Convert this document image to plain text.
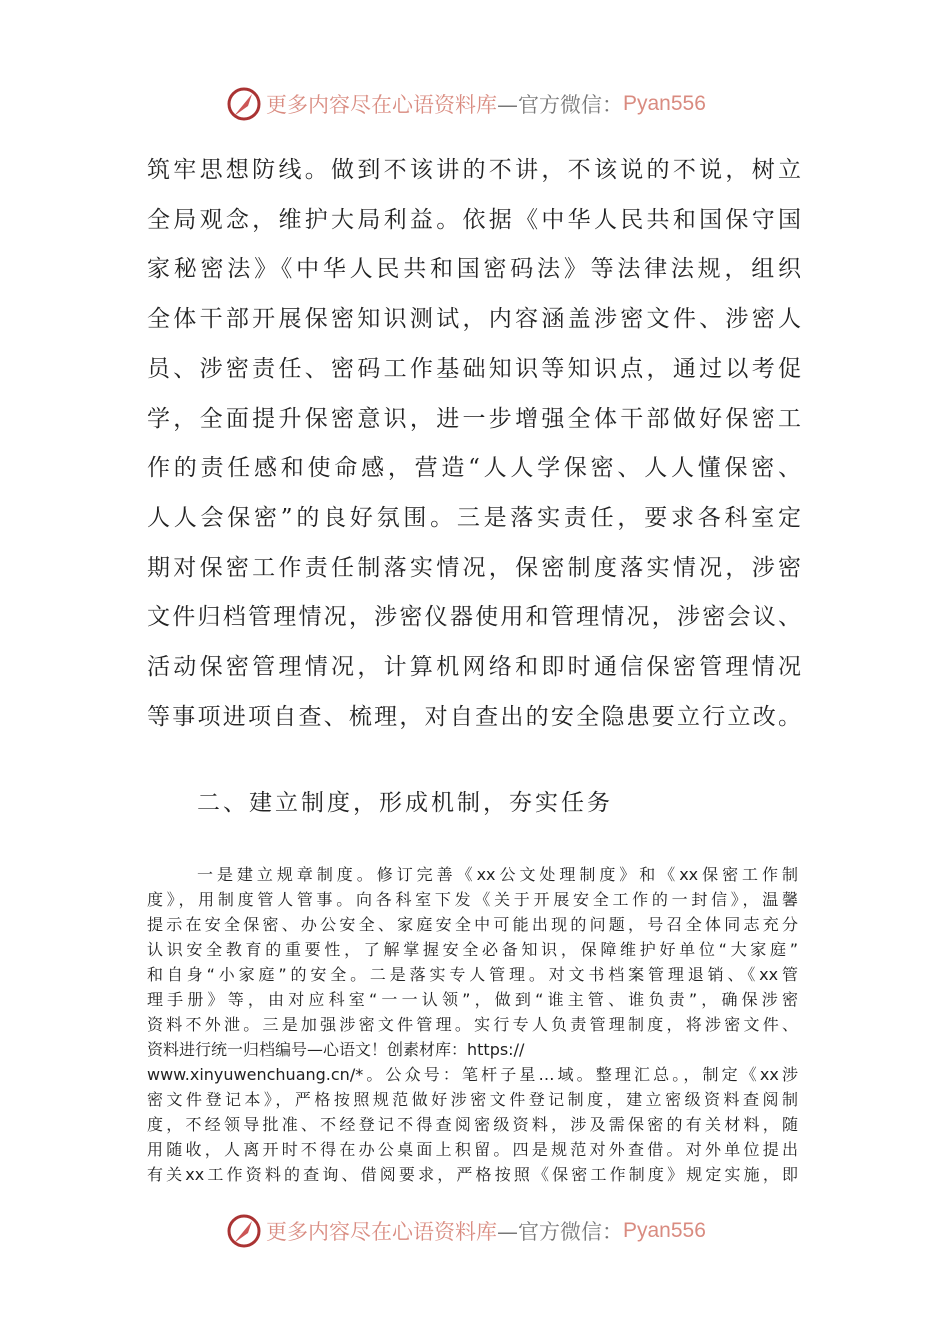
更多内容尽在心语资料库 —官方微信： Pyan556
筑牢思想防线。做到不该讲的不讲，不该说的不说，树立
全局观念，维护大局利益。依据《中华人民共和国保守国
家秘密法》《中华人民共和国密码法》等法律法规，组织
全体干部开展保密知识测试，内容涵盖涉密文件、涉密人
员、涉密责任、密码工作基础知识等知识点，通过以考促
学，全面提升保密意识，进一步增强全体干部做好保密工
作的责任感和使命感，营造“人人学保密、人人懂保密、
人人会保密”的良好氛围。三是落实责任，要求各科室定
期对保密工作责任制落实情况，保密制度落实情况，涉密
文件归档管理情况，涉密仪器使用和管理情况，涉密会议、
活动保密管理情况，计算机网络和即时通信保密管理情况
等事项进项自查、梳理，对自查出的安全隐患要立行立改。
二、建立制度，形成机制，夯实任务
一是建立规章制度。修订完善《xx公文处理制度》和《xx保密工作制
度》，用制度管人管事。向各科室下发《关于开展安全工作的一封信》，温馨
提示在安全保密、办公安全、家庭安全中可能出现的问题，号召全体同志充分
认识安全教育的重要性，了解掌握安全必备知识，保障维护好单位“大家庭”
和自身“小家庭”的安全。二是落实专人管理。对文书档案管理退销、《xx管
理手册》等，由对应科室“一一认领”，做到“谁主管、谁负责”，确保涉密
资料不外泄。三是加强涉密文件管理。实行专人负责管理制度，将涉密文件、
资料进行统一归档编号—心语文！创素材库：https://
www.xinyuwenchuang.cn/*。公众号：笔杆子星…域。整理汇总。，制定《xx涉
密文件登记本》，严格按照规范做好涉密文件登记制度，建立密级资料查阅制
度，不经领导批准、不经登记不得查阅密级资料，涉及需保密的有关材料，随
用随收，人离开时不得在办公桌面上积留。四是规范对外查借。对外单位提出
有关xx工作资料的查询、借阅要求，严格按照《保密工作制度》规定实施，即
更多内容尽在心语资料库 —官方微信： Pyan556
